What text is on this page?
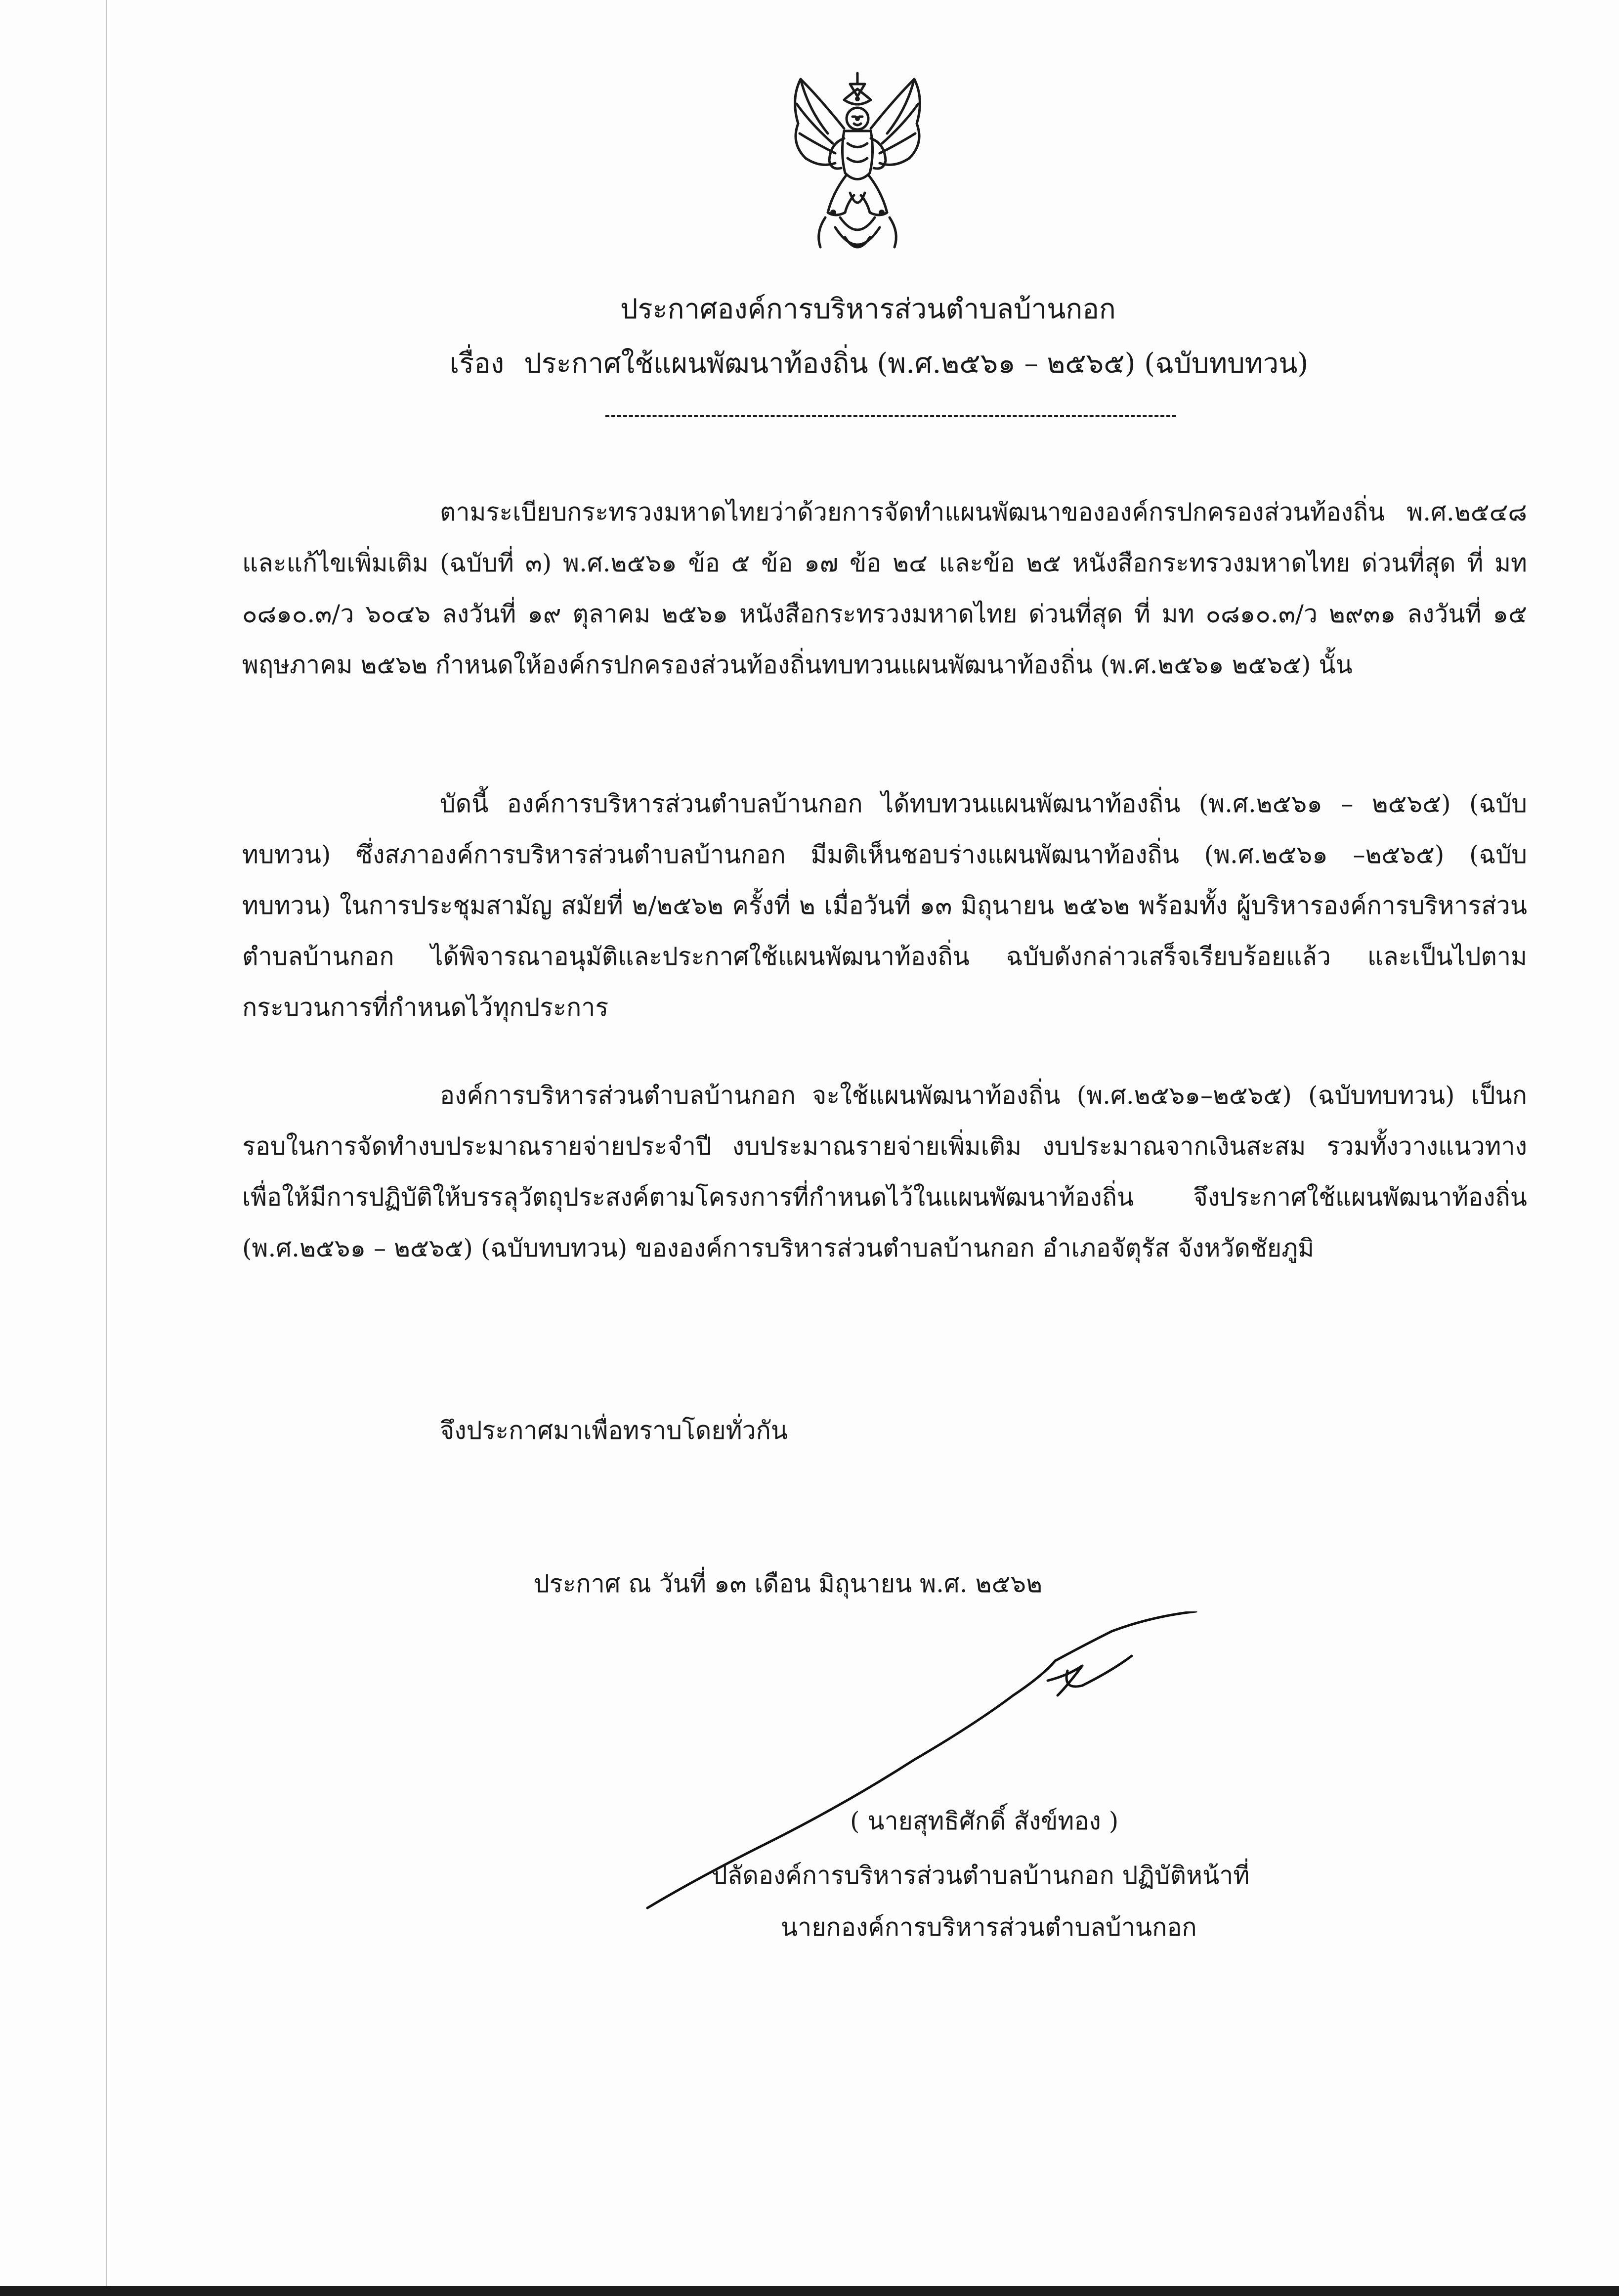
ประกาศองค์การบริหารส่วนตำบลบ้านกอก
เรื่อง ประกาศใช้แผนพัฒนาท้องถิ่น (พ.ศ.๒๕๖๑ – ๒๕๖๕) (ฉบับทบทวน)
ตามระเบียบกระทรวงมหาดไทยว่าด้วยการจัดทำแผนพัฒนาขององค์กรปกครองส่วนท้องถิ่น พ.ศ.๒๕๔๘ และแก้ไขเพิ่มเติม (ฉบับที่ ๓) พ.ศ.๒๕๖๑ ข้อ ๕ ข้อ ๑๗ ข้อ ๒๔ และข้อ ๒๕ หนังสือกระทรวงมหาดไทย ด่วนที่สุด ที่ มท ๐๘๑๐.๓/ว ๖๐๔๖ ลงวันที่ ๑๙ ตุลาคม ๒๕๖๑ หนังสือกระทรวงมหาดไทย ด่วนที่สุด ที่ มท ๐๘๑๐.๓/ว ๒๙๓๑ ลงวันที่ ๑๕ พฤษภาคม ๒๕๖๒ กำหนดให้องค์กรปกครองส่วนท้องถิ่นทบทวนแผนพัฒนาท้องถิ่น (พ.ศ.๒๕๖๑ ๒๕๖๕) นั้น
บัดนี้ องค์การบริหารส่วนตำบลบ้านกอก ได้ทบทวนแผนพัฒนาท้องถิ่น (พ.ศ.๒๕๖๑ – ๒๕๖๕) (ฉบับทบทวน) ซึ่งสภาองค์การบริหารส่วนตำบลบ้านกอก มีมติเห็นชอบร่างแผนพัฒนาท้องถิ่น (พ.ศ.๒๕๖๑ –๒๕๖๕) (ฉบับทบทวน) ในการประชุมสามัญ สมัยที่ ๒/๒๕๖๒ ครั้งที่ ๒ เมื่อวันที่ ๑๓ มิถุนายน ๒๕๖๒ พร้อมทั้ง ผู้บริหารองค์การบริหารส่วนตำบลบ้านกอก ได้พิจารณาอนุมัติและประกาศใช้แผนพัฒนาท้องถิ่น ฉบับดังกล่าวเสร็จเรียบร้อยแล้ว และเป็นไปตามกระบวนการที่กำหนดไว้ทุกประการ
องค์การบริหารส่วนตำบลบ้านกอก จะใช้แผนพัฒนาท้องถิ่น (พ.ศ.๒๕๖๑–๒๕๖๕) (ฉบับทบทวน) เป็นกรอบในการจัดทำงบประมาณรายจ่ายประจำปี งบประมาณรายจ่ายเพิ่มเติม งบประมาณจากเงินสะสม รวมทั้งวางแนวทางเพื่อให้มีการปฏิบัติให้บรรลุวัตถุประสงค์ตามโครงการที่กำหนดไว้ในแผนพัฒนาท้องถิ่น จึงประกาศใช้แผนพัฒนาท้องถิ่น (พ.ศ.๒๕๖๑ – ๒๕๖๕) (ฉบับทบทวน) ขององค์การบริหารส่วนตำบลบ้านกอก อำเภอจัตุรัส จังหวัดชัยภูมิ
จึงประกาศมาเพื่อทราบโดยทั่วกัน
ประกาศ ณ วันที่ ๑๓ เดือน มิถุนายน พ.ศ. ๒๕๖๒
( นายสุทธิศักดิ์ สังข์ทอง )
ปลัดองค์การบริหารส่วนตำบลบ้านกอก ปฏิบัติหน้าที่
นายกองค์การบริหารส่วนตำบลบ้านกอก
